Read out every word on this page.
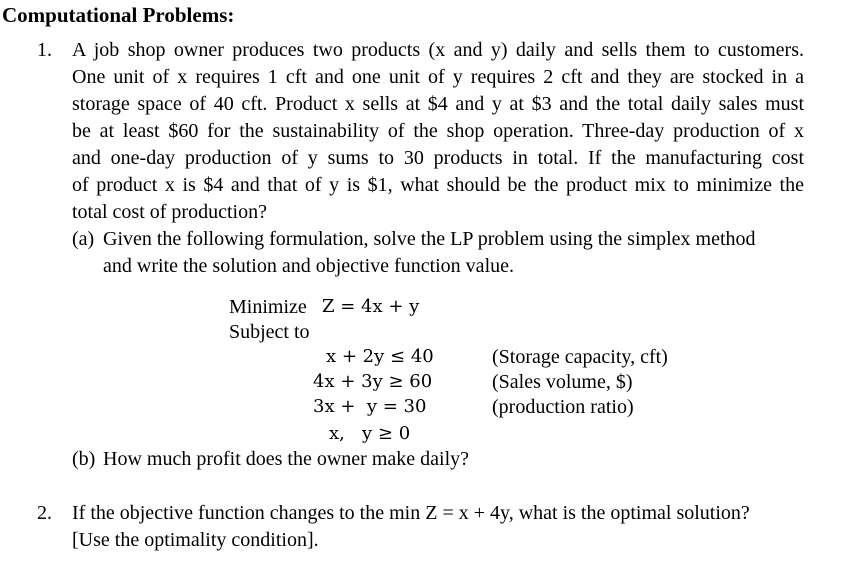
Computational Problems:
1. A job shop owner produces two products (x and y) daily and sells them to customers.
One unit of x requires 1 cft and one unit of y requires 2 cft and they are stocked in a
storage space of 40 cft. Product x sells at $4 and y at $3 and the total daily sales must
be at least $60 for the sustainability of the shop operation. Three-day production of x
and one-day production of y sums to 30 products in total. If the manufacturing cost
of product x is $4 and that of y is $1, what should be the product mix to minimize the
total cost of production?
(a) Given the following formulation, solve the LP problem using the simplex method
and write the solution and objective function value.
Minimize Z = 4x + y
Subject to
x + 2y ≤ 40	(Storage capacity, cft)
4x + 3y ≥ 60	(Sales volume, $)
3x +  y = 30	(production ratio)
x,   y ≥ 0
(b) How much profit does the owner make daily?
2. If the objective function changes to the min Z = x + 4y, what is the optimal solution?
[Use the optimality condition].
